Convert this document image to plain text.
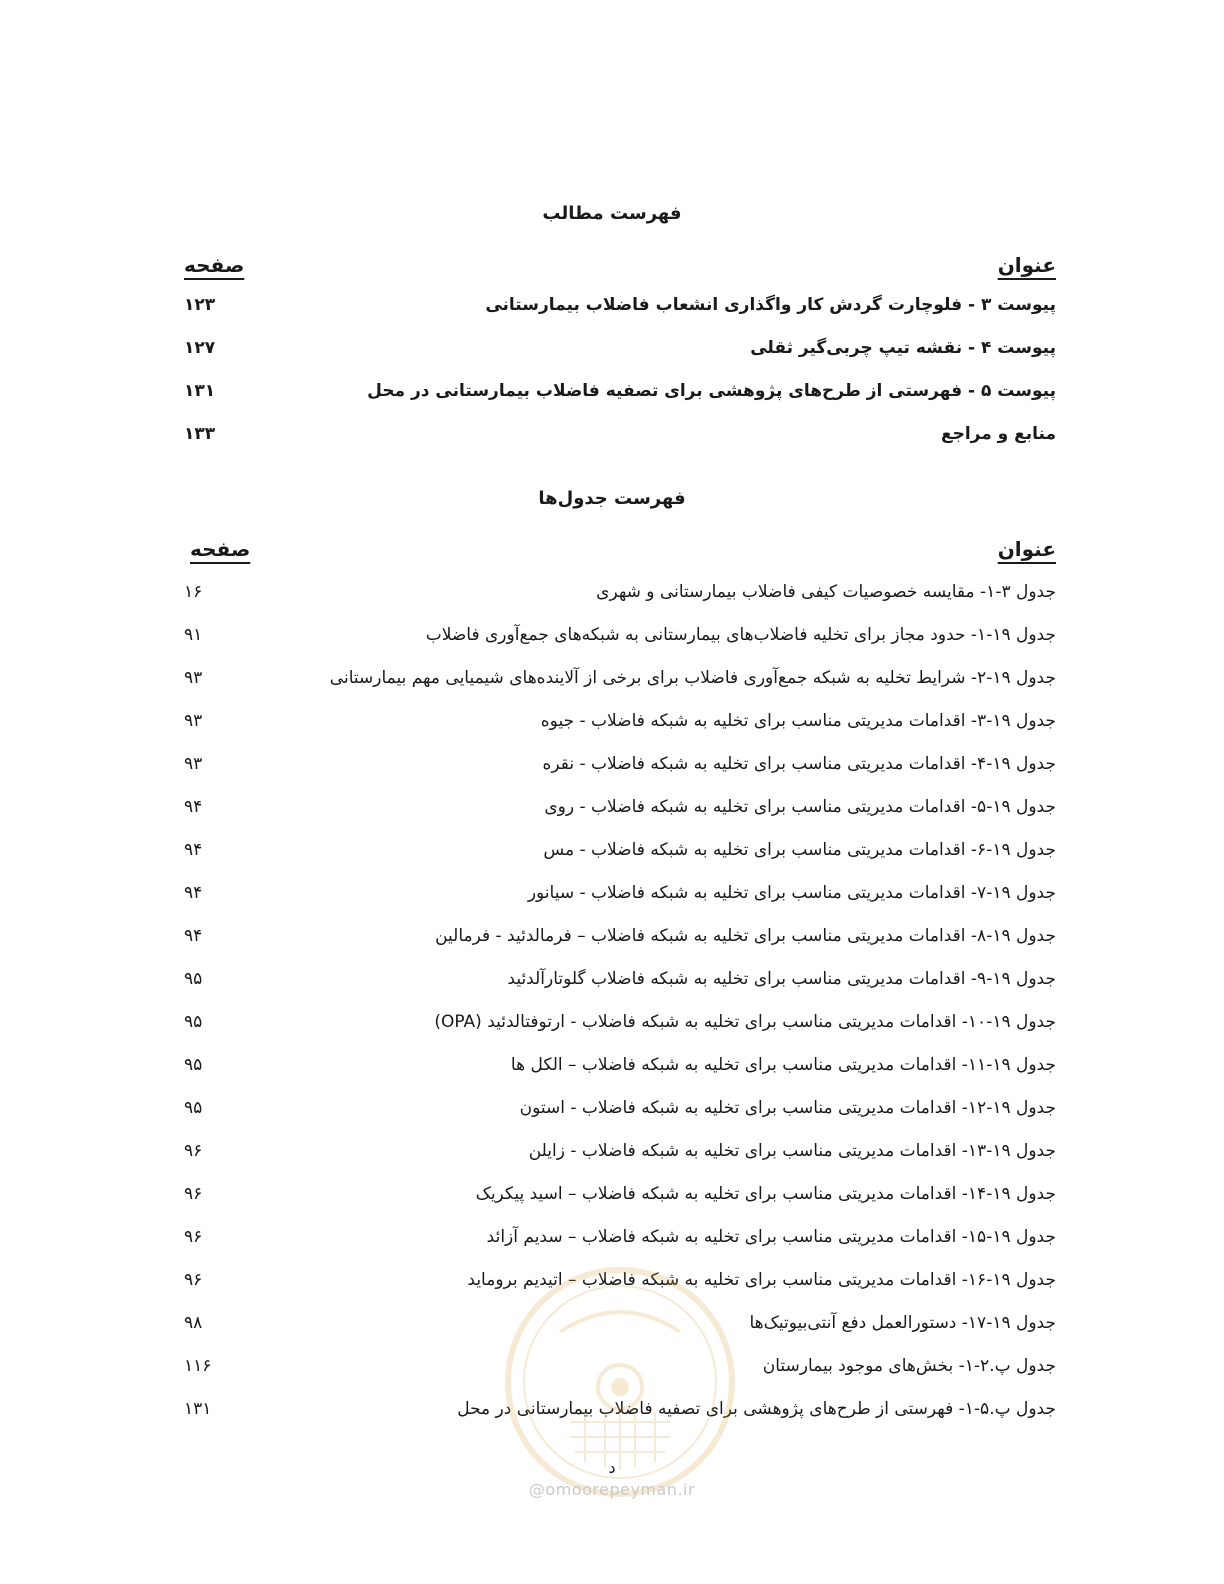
فهرست مطالب
عنوان
صفحه
پیوست ۳ - فلوچارت گردش کار واگذاری انشعاب فاضلاب بیمارستانی
۱۲۳
پیوست ۴ - نقشه تیپ چربی‌گیر ثقلی
۱۲۷
پیوست ۵ - فهرستی از طرح‌های پژوهشی برای تصفیه فاضلاب بیمارستانی در محل
۱۳۱
منابع و مراجع
۱۳۳
فهرست جدول‌ها
عنوان
صفحه
جدول ۳-۱- مقایسه خصوصیات کیفی فاضلاب بیمارستانی و شهری
۱۶
جدول ۱۹-۱- حدود مجاز برای تخلیه فاضلاب‌های بیمارستانی به شبکه‌های جمع‌آوری فاضلاب
۹۱
جدول ۱۹-۲- شرایط تخلیه به شبکه جمع‌آوری فاضلاب برای برخی از آلاینده‌های شیمیایی مهم بیمارستانی
۹۳
جدول ۱۹-۳- اقدامات مدیریتی مناسب برای تخلیه به شبکه فاضلاب - جیوه
۹۳
جدول ۱۹-۴- اقدامات مدیریتی مناسب برای تخلیه به شبکه فاضلاب - نقره
۹۳
جدول ۱۹-۵- اقدامات مدیریتی مناسب برای تخلیه به شبکه فاضلاب - روی
۹۴
جدول ۱۹-۶- اقدامات مدیریتی مناسب برای تخلیه به شبکه فاضلاب - مس
۹۴
جدول ۱۹-۷- اقدامات مدیریتی مناسب برای تخلیه به شبکه فاضلاب - سیانور
۹۴
جدول ۱۹-۸- اقدامات مدیریتی مناسب برای تخلیه به شبکه فاضلاب – فرمالدئید - فرمالین
۹۴
جدول ۱۹-۹- اقدامات مدیریتی مناسب برای تخلیه به شبکه فاضلاب گلوتارآلدئید
۹۵
جدول ۱۹-۱۰- اقدامات مدیریتی مناسب برای تخلیه به شبکه فاضلاب - ارتوفتالدئید (OPA)
۹۵
جدول ۱۹-۱۱- اقدامات مدیریتی مناسب برای تخلیه به شبکه فاضلاب – الکل ها
۹۵
جدول ۱۹-۱۲- اقدامات مدیریتی مناسب برای تخلیه به شبکه فاضلاب - استون
۹۵
جدول ۱۹-۱۳- اقدامات مدیریتی مناسب برای تخلیه به شبکه فاضلاب - زایلن
۹۶
جدول ۱۹-۱۴- اقدامات مدیریتی مناسب برای تخلیه به شبکه فاضلاب – اسید پیکریک
۹۶
جدول ۱۹-۱۵- اقدامات مدیریتی مناسب برای تخلیه به شبکه فاضلاب – سدیم آزائد
۹۶
جدول ۱۹-۱۶- اقدامات مدیریتی مناسب برای تخلیه به شبکه فاضلاب – اتیدیم برومايد
۹۶
جدول ۱۹-۱۷- دستورالعمل دفع آنتی‌بیوتیک‌ها
۹۸
جدول پ.۲-۱- بخش‌های موجود بیمارستان
۱۱۶
جدول پ.۵-۱- فهرستی از طرح‌های پژوهشی برای تصفیه فاضلاب بیمارستانی در محل
۱۳۱
د
@omoorepeyman.ir
